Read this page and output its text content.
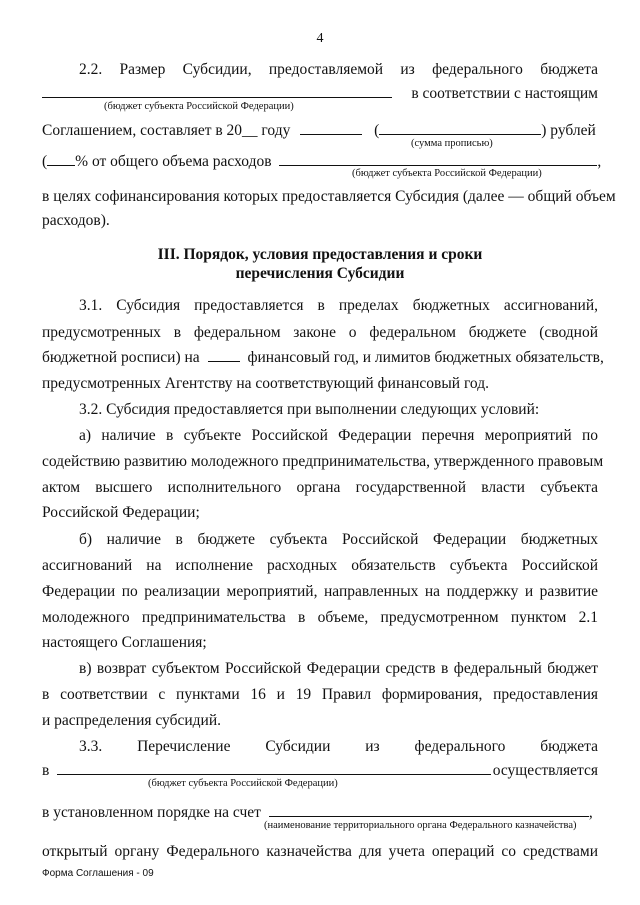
4
2.2. Размер Субсидии, предоставляемой из федерального бюджета
в соответствии с настоящим
(бюджет субъекта Российской Федерации)
Соглашением, составляет в 20__ году	(	) рублей
(сумма прописью)
( % от общего объема расходов	,
(бюджет субъекта Российской Федерации)
в целях софинансирования которых предоставляется Субсидия (далее — общий объем
расходов).
III. Порядок, условия предоставления и сроки
перечисления Субсидии
3.1. Субсидия предоставляется в пределах бюджетных ассигнований,
предусмотренных в федеральном законе о федеральном бюджете (сводной
бюджетной росписи) на	финансовый год, и лимитов бюджетных обязательств,
предусмотренных Агентству на соответствующий финансовый год.
3.2. Субсидия предоставляется при выполнении следующих условий:
а) наличие в субъекте Российской Федерации перечня мероприятий по
содействию развитию молодежного предпринимательства, утвержденного правовым
актом высшего исполнительного органа государственной власти субъекта
Российской Федерации;
б) наличие в бюджете субъекта Российской Федерации бюджетных
ассигнований на исполнение расходных обязательств субъекта Российской
Федерации по реализации мероприятий, направленных на поддержку и развитие
молодежного предпринимательства в объеме, предусмотренном пунктом 2.1
настоящего Соглашения;
в) возврат субъектом Российской Федерации средств в федеральный бюджет
в соответствии с пунктами 16 и 19 Правил формирования, предоставления
и распределения субсидий.
3.3. Перечисление Субсидии из федерального бюджета
в	осуществляется
(бюджет субъекта Российской Федерации)
в установленном порядке на счет	,
(наименование территориального органа Федерального казначейства)
открытый органу Федерального казначейства для учета операций со средствами
Форма Соглашения - 09
